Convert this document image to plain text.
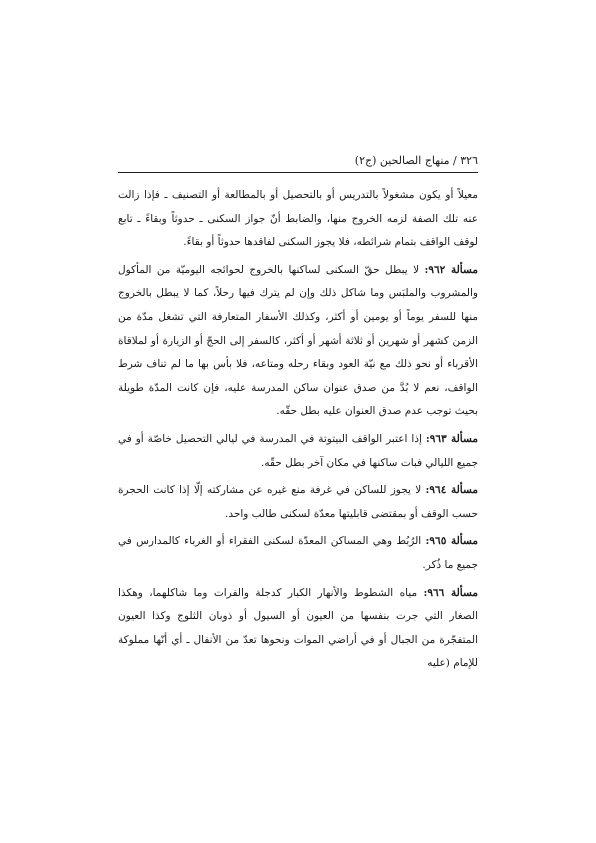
٣٢٦ / منهاج الصالحين (ج٢)

معيلاً أو يكون مشغولاً بالتدريس أو بالتحصيل أو بالمطالعة أو التصنيف ـ فإذا زالت عنه تلك الصفة لزمه الخروج منها، والضابط أنّ جواز السكنى ـ حدوثاً وبقاءً ـ تابع لوقف الواقف بتمام شرائطه، فلا يجوز السكنى لفاقدها حدوثاً أو بقاءً.

مسألة ٩٦٢: لا يبطل حقّ السكنى لساكنها بالخروج لحوائجه اليوميّة من المأكول والمشروب والملبَس وما شاكل ذلك وإن لم يترك فيها رحلاً، كما لا يبطل بالخروج منها للسفر يوماً أو يومين أو أكثر، وكذلك الأسفار المتعارفة التي تشغل مدّة من الزمن كشهر أو شهرين أو ثلاثة أشهر أو أكثر، كالسفر إلى الحجّ أو الزيارة أو لملاقاة الأقرباء أو نحو ذلك مع نيّة العود وبقاء رحله ومتاعه، فلا بأس بها ما لم تناف شرط الواقف، نعم لا بُدَّ من صدق عنوان ساكن المدرسة عليه، فإن كانت المدّة طويلة بحيث توجب عدم صدق العنوان عليه بطل حقّه.

مسألة ٩٦٣: إذا اعتبر الواقف البيتوتة في المدرسة في ليالي التحصيل خاصّة أو في جميع الليالي فبات ساكنها في مكان آخر بطل حقّه.

مسألة ٩٦٤: لا يجوز للساكن في غرفة منع غيره عن مشاركته إلّا إذا كانت الحجرة حسب الوقف أو بمقتضى قابليتها معدّة لسكنى طالب واحد.

مسألة ٩٦٥: الرُبُط وهي المساكن المعدّة لسكنى الفقراء أو الغرباء كالمدارس في جميع ما ذُكر.

مسألة ٩٦٦: مياه الشطوط والأنهار الكبار كدجلة والفرات وما شاكلهما، وهكذا الصغار التي جرت بنفسها من العيون أو السيول أو ذوبان الثلوج وكذا العيون المتفجّرة من الجبال أو في أراضي الموات ونحوها تعدّ من الأنفال ـ أي أنّها مملوكة للإمام (عليه
